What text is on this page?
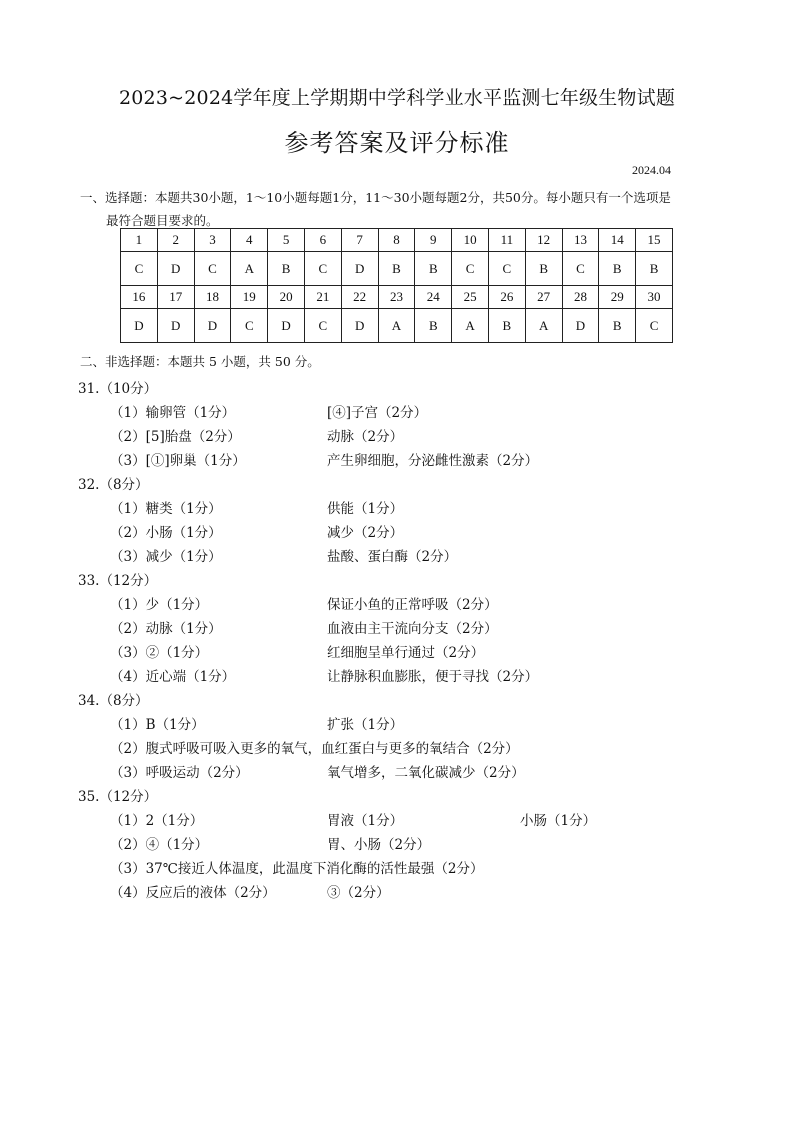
2023~2024学年度上学期期中学科学业水平监测七年级生物试题
参考答案及评分标准
2024.04
一、选择题：本题共30小题，1～10小题每题1分，11～30小题每题2分，共50分。每小题只有一个选项是
最符合题目要求的。
1	2	3	4	5	6	7	8	9	10	11	12	13	14	15
C	D	C	A	B	C	D	B	B	C	C	B	C	B	B
16	17	18	19	20	21	22	23	24	25	26	27	28	29	30
D	D	D	C	D	C	D	A	B	A	B	A	D	B	C
二、非选择题：本题共 5 小题，共 50 分。
31.（10分）
（1）输卵管（1分）	[④]子宫（2分）
（2）[5]胎盘（2分）	动脉（2分）
（3）[①]卵巢（1分）	产生卵细胞，分泌雌性激素（2分）
32.（8分）
（1）糖类（1分）	供能（1分）
（2）小肠（1分）	减少（2分）
（3）减少（1分）	盐酸、蛋白酶（2分）
33.（12分）
（1）少（1分）	保证小鱼的正常呼吸（2分）
（2）动脉（1分）	血液由主干流向分支（2分）
（3）②（1分）	红细胞呈单行通过（2分）
（4）近心端（1分）	让静脉积血膨胀，便于寻找（2分）
34.（8分）
（1）B（1分）	扩张（1分）
（2）腹式呼吸可吸入更多的氧气，血红蛋白与更多的氧结合（2分）
（3）呼吸运动（2分）	氧气增多，二氧化碳减少（2分）
35.（12分）
（1）2（1分）	胃液（1分）	小肠（1分）
（2）④（1分）	胃、小肠（2分）
（3）37℃接近人体温度，此温度下消化酶的活性最强（2分）
（4）反应后的液体（2分）	③（2分）
